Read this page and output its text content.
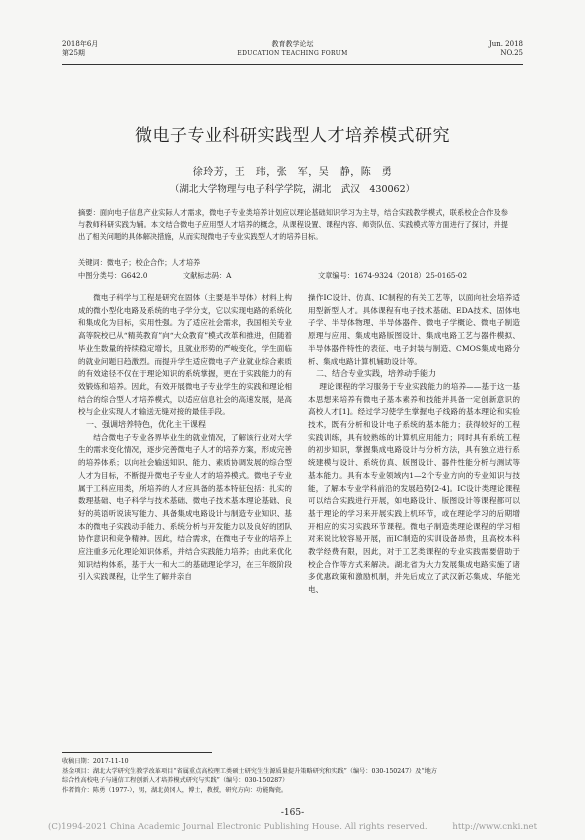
2018年6月
第25期
教育教学论坛
EDUCATION TEACHING FORUM
Jun. 2018
NO.25
微电子专业科研实践型人才培养模式研究
徐玲芳，王　玮，张　军，吴　静，陈　勇
（湖北大学物理与电子科学学院，湖北　武汉　430062）
摘要：面向电子信息产业实际人才需求，微电子专业类培养计划应以理论基础知识学习为主导，结合实践教学模式，联系校企合作及参与教师科研实践为辅。本文结合微电子应用型人才培养的概念，从课程设置、课程内容、师资队伍、实践模式等方面进行了探讨，并提出了相关问题的具体解决措施，从而实现微电子专业实践型人才的培养目标。
关键词：微电子；校企合作；人才培养
中图分类号：G642.0	文献标志码：A	文章编号：1674-9324（2018）25-0165-02

微电子科学与工程是研究在固体（主要是半导体）材料上构成的微小型化电路及系统的电子学分支，它以实现电路的系统化和集成化为目标，实用性强。为了适应社会需求，我国相关专业高等院校已从“精英教育”向“大众教育”模式改革和推进，但随着毕业生数量的持续稳定增长，且就业形势的严峻变化，学生面临的就业问题日趋激烈。而提升学生适应微电子产业就业综合素质的有效途径不仅在于理论知识的系统掌握，更在于实践能力的有效锻炼和培养。因此，有效开展微电子专业学生的实践和理论相结合的综合型人才培养模式，以适应信息社会的高速发展，是高校与企业实现人才输送无缝对接的最佳手段。

一、强调培养特色，优化主干课程

结合微电子专业各界毕业生的就业情况，了解该行业对大学生的需求变化情况，逐步完善微电子人才的培养方案，形成完善的培养体系；以向社会输送知识、能力、素质协调发展的综合型人才为目标，不断提升微电子专业人才的培养模式。微电子专业属于工科应用类，所培养的人才应具备的基本特征包括：扎实的数理基础、电子科学与技术基础、微电子技术基本理论基础、良好的英语听说读写能力、具备集成电路设计与制造专业知识、基本的微电子实践动手能力、系统分析与开发能力以及良好的团队协作意识和竞争精神。因此，结合需求，在微电子专业的培养上应注重多元化理论知识体系，并结合实践能力培养；由此来优化知识结构体系，基于大一和大二的基础理论学习，在三年级阶段引入实践课程，让学生了解并亲自

操作IC设计、仿真、IC制程的有关工艺等，以面向社会培养适用型新型人才。具体课程有电子技术基础、EDA技术、固体电子学、半导体物理、半导体器件、微电子学概论、微电子制造原理与应用、集成电路版图设计、集成电路工艺与器件模拟、半导体器件特性的表征、电子封装与制造、CMOS集成电路分析、集成电路计算机辅助设计等。

二、结合专业实践，培养动手能力

理论课程的学习服务于专业实践能力的培养——基于这一基本思想来培养有微电子基本素养和技能并具备一定创新意识的高校人才[1]。经过学习使学生掌握电子线路的基本理论和实验技术，既有分析和设计电子系统的基本能力；获得较好的工程实践训练，具有较熟练的计算机应用能力；同时具有系统工程的初步知识，掌握集成电路设计与分析方法，具有独立进行系统建模与设计、系统仿真、版图设计、器件性能分析与测试等基本能力。具有本专业领域内1—2个专业方向的专业知识与技能，了解本专业学科前沿的发展趋势[2-4]。IC设计类理论课程可以结合实践进行开展，如电路设计、版图设计等课程都可以基于理论的学习来开展实践上机环节，或在理论学习的后期增开相应的实习实践环节课程。微电子制造类理论课程的学习相对来说比较容易开展，而IC制造的实训设备昂贵，且高校本科教学经费有限，因此，对于工艺类课程的专业实践需要借助于校企合作等方式来解决。湖北省为大力发展集成电路实施了诸多优惠政策和激励机制，并先后成立了武汉新芯集成、华能光电、

收稿日期：2017-11-10
基金项目：湖北大学研究生教学改革项目“省属重点高校理工类硕士研究生生源质量提升策略研究和实践”（编号：030-150247）及“地方
综合性高校电子与通信工程创新人才培养模式研究与实践”（编号：030-150287）
作者简介：陈勇（1977-），男，湖北黄冈人，博士，教授，研究方向：功能陶瓷。
-165-
(C)1994-2021 China Academic Journal Electronic Publishing House. All rights reserved.	http://www.cnki.net
